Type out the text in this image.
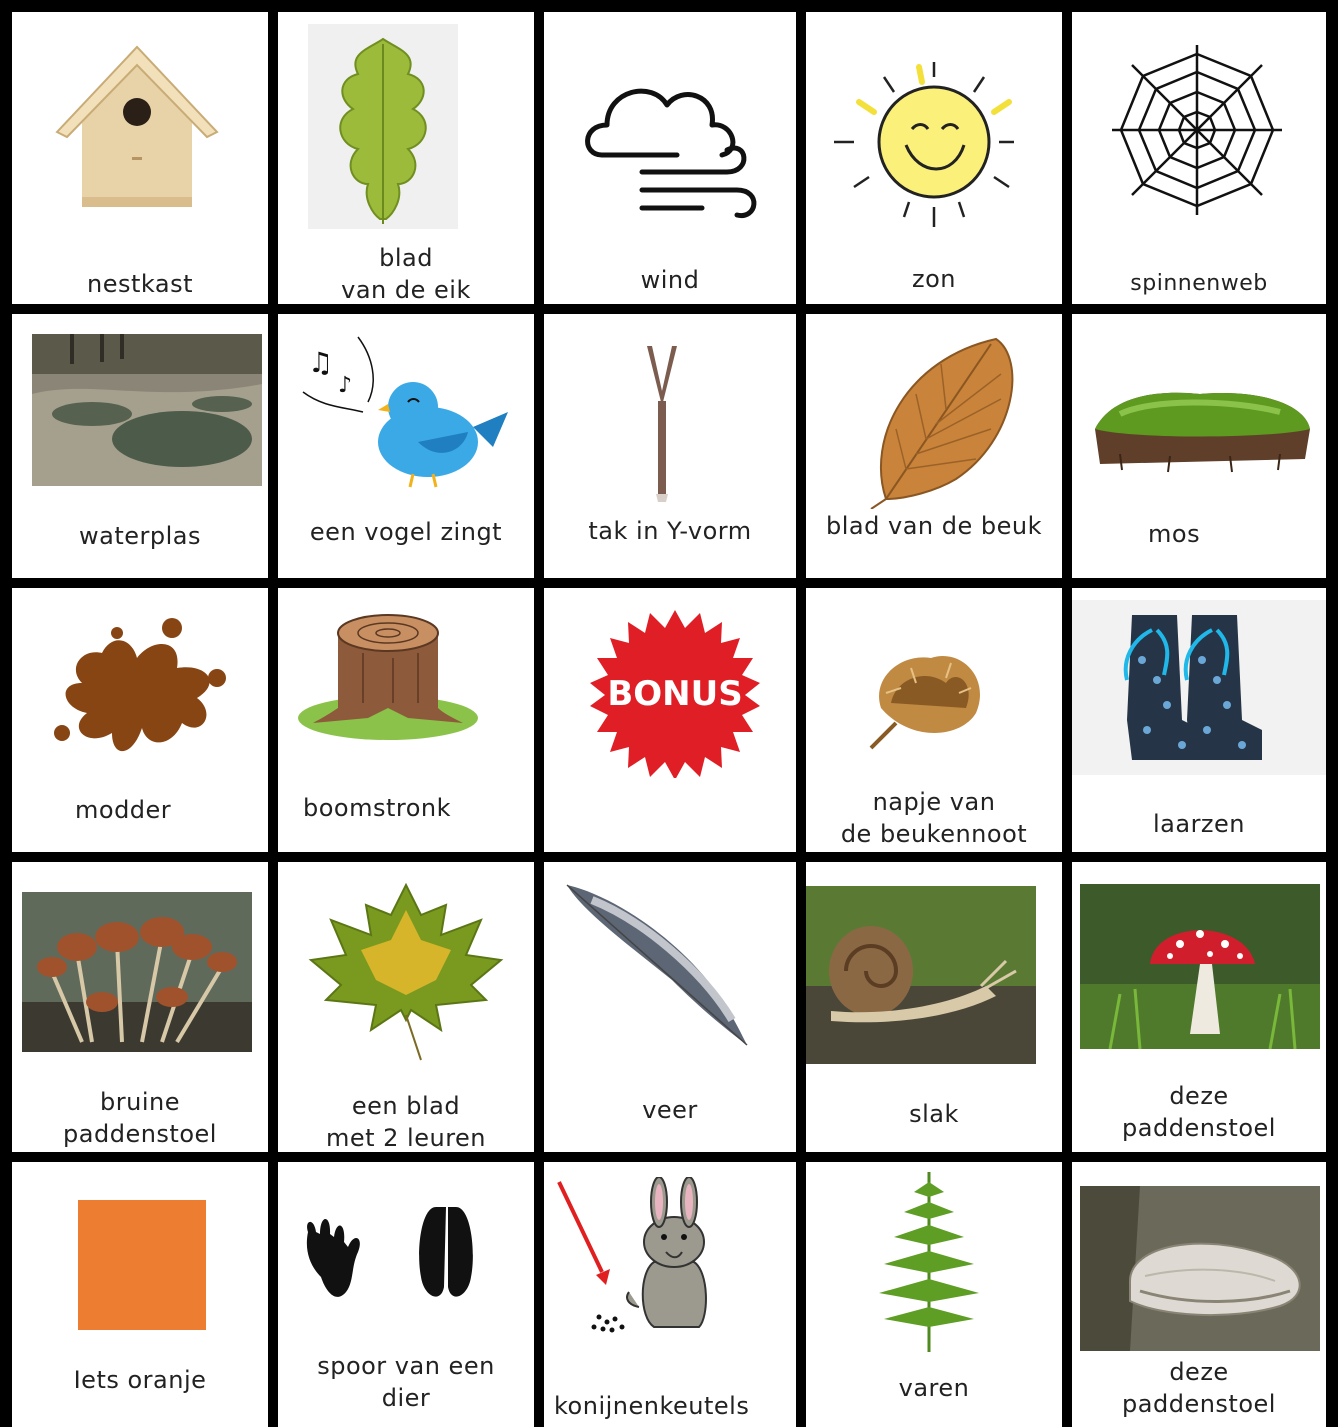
nestkast
blad
van de eik	wind	zon	spinnenweb
waterplas
♫
♪
een vogel zingt	tak in Y-vorm	blad van de beuk	mos
modder	boomstronk
BONUS
napje van
de beukennoot	laarzen
bruine
paddenstoel
een blad
met 2 leuren
veer	slak
deze
paddenstoel
Iets oranje	spoor van een
dier	konijnenkeutels
varen
deze
paddenstoel
